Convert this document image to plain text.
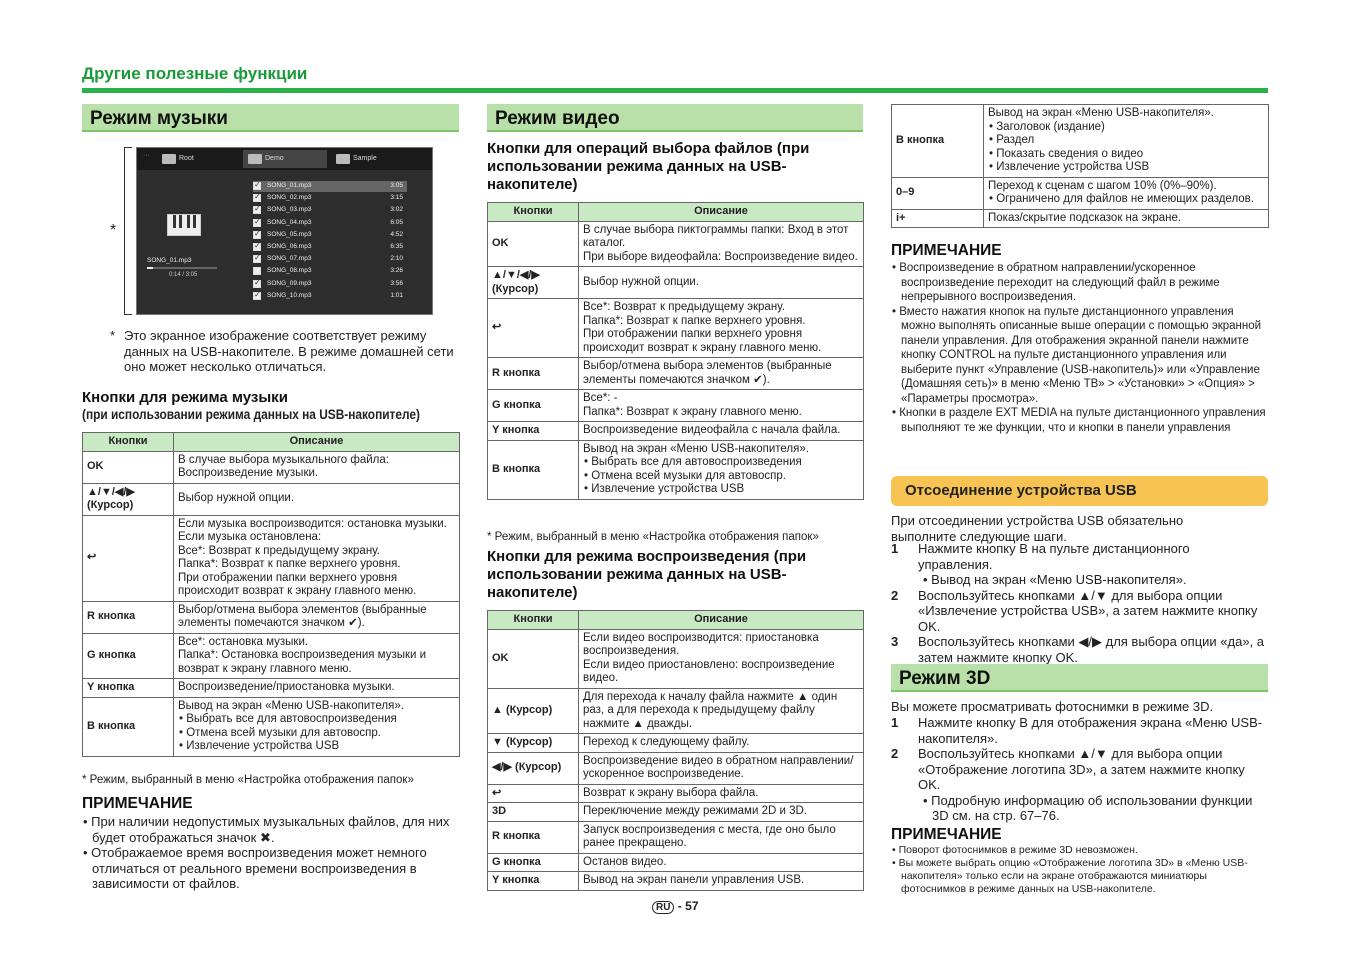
Другие полезные функции
Режим музыки
*
···	Root	Demo	Sample
SONG_01.mp3
0:14 / 3:05
✓
SONG_01.mp3	3:05
✓
SONG_02.mp3	3:15
✓
SONG_03.mp3	3:02
✓
SONG_04.mp3	6:05
✓
SONG_05.mp3	4:52
✓
SONG_06.mp3	6:35
✓
SONG_07.mp3	2:10
SONG_08.mp3	3:26
✓
SONG_09.mp3	3:56
✓
SONG_10.mp3	1:01
* Это экранное изображение соответствует режиму данных на USB-накопителе. В режиме домашней сети оно может несколько отличаться.
Кнопки для режима музыки
(при использовании режима данных на USB-накопителе)
Кнопки	Описание
OK	В случае выбора музыкального файла:
Воспроизведение музыки.

▲/▼/◀/▶ (Курсор)	Выбор нужной опции.

↩	Если музыка воспроизводится: остановка музыки.
Если музыка остановлена:
Все*: Возврат к предыдущему экрану.
Папка*: Возврат к папке верхнего уровня.
При отображении папки верхнего уровня происходит возврат к экрану главного меню.

R кнопка	Выбор/отмена выбора элементов (выбранные элементы помечаются значком ✔).

G кнопка	Все*: остановка музыки.
Папка*: Остановка воспроизведения музыки и возврат к экрану главного меню.

Y кнопка	Воспроизведение/приостановка музыки.

B кнопка	Вывод на экран «Меню USB-накопителя».
• Выбрать все для автовоспроизведения
• Отмена всей музыки для автовоспр.
• Извлечение устройства USB
* Режим, выбранный в меню «Настройка отображения папок»
ПРИМЕЧАНИЕ
• При наличии недопустимых музыкальных файлов, для них будет отображаться значок ✖.
• Отображаемое время воспроизведения может немного отличаться от реального времени воспроизведения в зависимости от файлов.
Режим видео
Кнопки для операций выбора файлов (при использовании режима данных на USB-накопителе)
Кнопки	Описание
OK	В случае выбора пиктограммы папки: Вход в этот каталог.
При выборе видеофайла: Воспроизведение видео.

▲/▼/◀/▶ (Курсор)	Выбор нужной опции.

↩	Все*: Возврат к предыдущему экрану.
Папка*: Возврат к папке верхнего уровня.
При отображении папки верхнего уровня происходит возврат к экрану главного меню.

R кнопка	Выбор/отмена выбора элементов (выбранные элементы помечаются значком ✔).

G кнопка	Все*: -
Папка*: Возврат к экрану главного меню.

Y кнопка	Воспроизведение видеофайла с начала файла.

B кнопка	Вывод на экран «Меню USB-накопителя».
• Выбрать все для автовоспроизведения
• Отмена всей музыки для автовоспр.
• Извлечение устройства USB
* Режим, выбранный в меню «Настройка отображения папок»
Кнопки для режима воспроизведения (при использовании режима данных на USB-накопителе)
Кнопки	Описание
OK	Если видео воспроизводится: приостановка воспроизведения.
Если видео приостановлено: воспроизведение видео.

▲ (Курсор)	Для перехода к началу файла нажмите ▲ один раз, а для перехода к предыдущему файлу нажмите ▲ дважды.

▼ (Курсор)	Переход к следующему файлу.

◀/▶ (Курсор)	Воспроизведение видео в обратном направлении/ускоренное воспроизведение.

↩	Возврат к экрану выбора файла.

3D	Переключение между режимами 2D и 3D.

R кнопка	Запуск воспроизведения с места, где оно было ранее прекращено.

G кнопка	Останов видео.

Y кнопка	Вывод на экран панели управления USB.
RU - 57
B кнопка	Вывод на экран «Меню USB-накопителя».
• Заголовок (издание)
• Раздел
• Показать сведения о видео
• Извлечение устройства USB

0–9	Переход к сценам с шагом 10% (0%–90%).
• Ограничено для файлов не имеющих разделов.

i+	Показ/скрытие подсказок на экране.
ПРИМЕЧАНИЕ
• Воспроизведение в обратном направлении/ускоренное воспроизведение переходит на следующий файл в режиме непрерывного воспроизведения.
• Вместо нажатия кнопок на пульте дистанционного управления можно выполнять описанные выше операции с помощью экранной панели управления. Для отображения экранной панели нажмите кнопку CONTROL на пульте дистанционного управления или выберите пункт «Управление (USB-накопитель)» или «Управление (Домашняя сеть)» в меню «Меню ТВ» > «Установки» > «Опция» > «Параметры просмотра».
• Кнопки в разделе EXT MEDIA на пульте дистанционного управления выполняют те же функции, что и кнопки в панели управления
Отсоединение устройства USB
При отсоединении устройства USB обязательно выполните следующие шаги.
1 Нажмите кнопку B на пульте дистанционного управления.
• Вывод на экран «Меню USB-накопителя».
2 Воспользуйтесь кнопками ▲/▼ для выбора опции «Извлечение устройства USB», а затем нажмите кнопку OK.
3 Воспользуйтесь кнопками ◀/▶ для выбора опции «да», а затем нажмите кнопку OK.
Режим 3D
Вы можете просматривать фотоснимки в режиме 3D.
1 Нажмите кнопку B для отображения экрана «Меню USB-накопителя».
2 Воспользуйтесь кнопками ▲/▼ для выбора опции «Отображение логотипа 3D», а затем нажмите кнопку OK.
• Подробную информацию об использовании функции 3D см. на стр. 67–76.
ПРИМЕЧАНИЕ
• Поворот фотоснимков в режиме 3D невозможен.
• Вы можете выбрать опцию «Отображение логотипа 3D» в «Меню USB-накопителя» только если на экране отображаются миниатюры фотоснимков в режиме данных на USB-накопителе.
